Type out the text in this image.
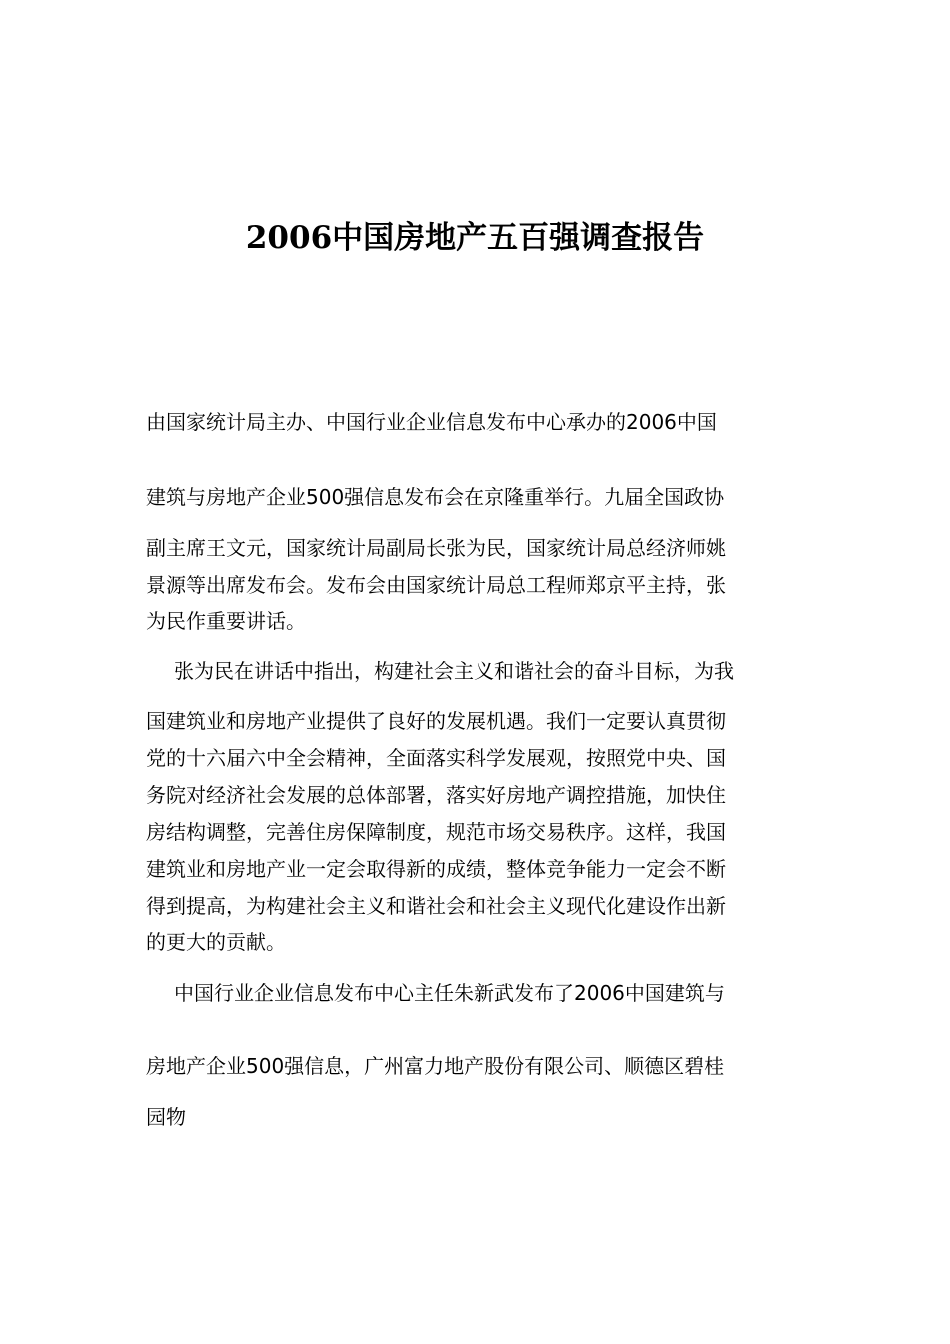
2006中国房地产五百强调查报告
由国家统计局主办、中国行业企业信息发布中心承办的2006中国
建筑与房地产企业500强信息发布会在京隆重举行。九届全国政协
副主席王文元，国家统计局副局长张为民，国家统计局总经济师姚
景源等出席发布会。发布会由国家统计局总工程师郑京平主持，张
为民作重要讲话。
张为民在讲话中指出，构建社会主义和谐社会的奋斗目标，为我
国建筑业和房地产业提供了良好的发展机遇。我们一定要认真贯彻
党的十六届六中全会精神，全面落实科学发展观，按照党中央、国
务院对经济社会发展的总体部署，落实好房地产调控措施，加快住
房结构调整，完善住房保障制度，规范市场交易秩序。这样，我国
建筑业和房地产业一定会取得新的成绩，整体竞争能力一定会不断
得到提高，为构建社会主义和谐社会和社会主义现代化建设作出新
的更大的贡献。
中国行业企业信息发布中心主任朱新武发布了2006中国建筑与
房地产企业500强信息，广州富力地产股份有限公司、顺德区碧桂
园物
